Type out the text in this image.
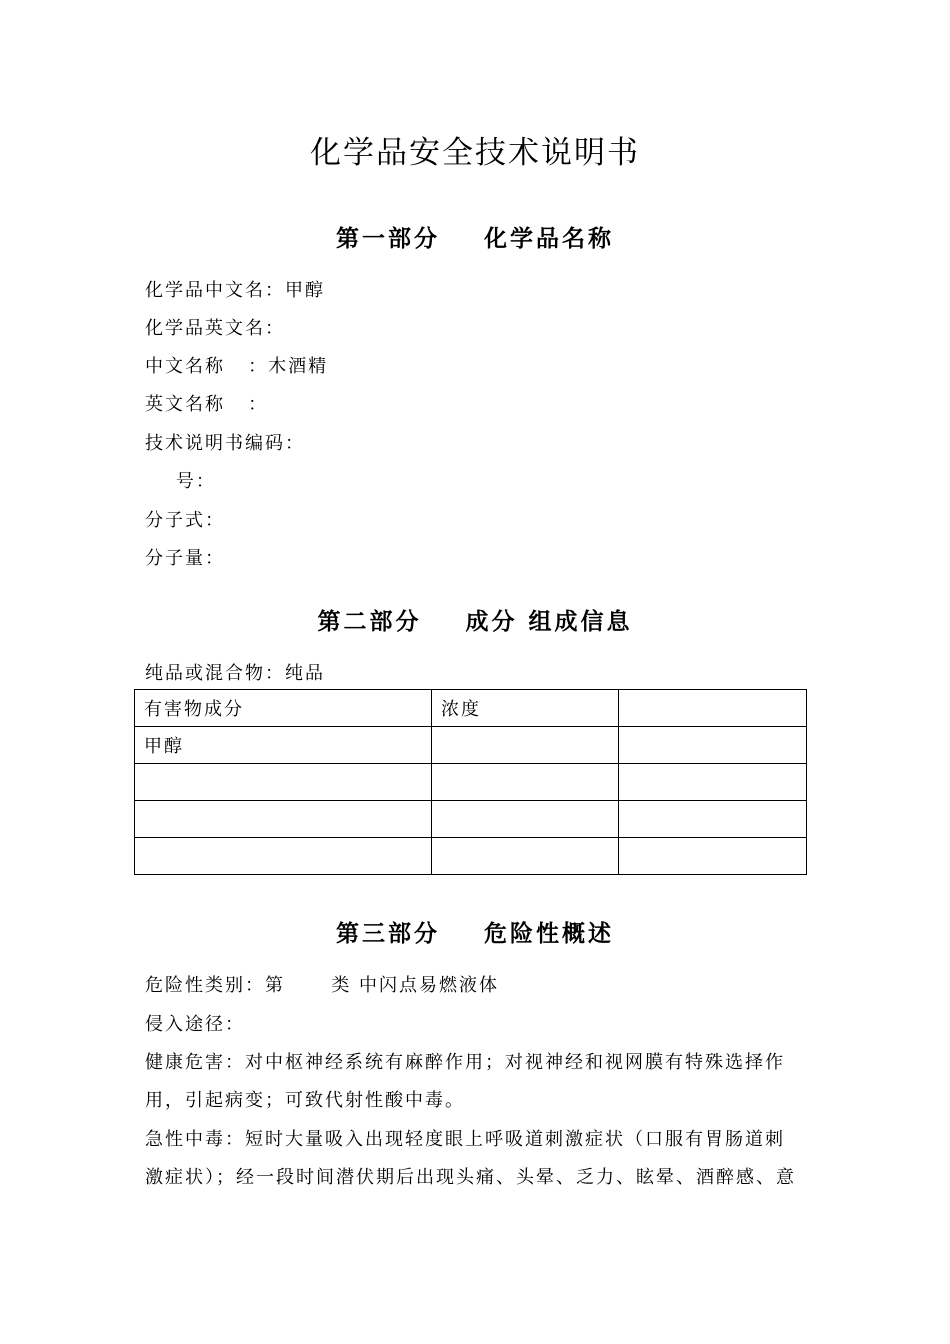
化学品安全技术说明书
第一部分    化学品名称
化学品中文名：甲醇
化学品英文名：
中文名称   ：木酒精
英文名称   ：
技术说明书编码：
号：
分子式：
分子量：
第二部分    成分 组成信息
纯品或混合物：纯品
有害物成分	浓度	
甲醇		

第三部分    危险性概述
危险性类别：第      类 中闪点易燃液体
侵入途径：
健康危害：对中枢神经系统有麻醉作用；对视神经和视网膜有特殊选择作
用，引起病变；可致代射性酸中毒。
急性中毒：短时大量吸入出现轻度眼上呼吸道刺激症状（口服有胃肠道刺
激症状）；经一段时间潜伏期后出现头痛、头晕、乏力、眩晕、酒醉感、意
